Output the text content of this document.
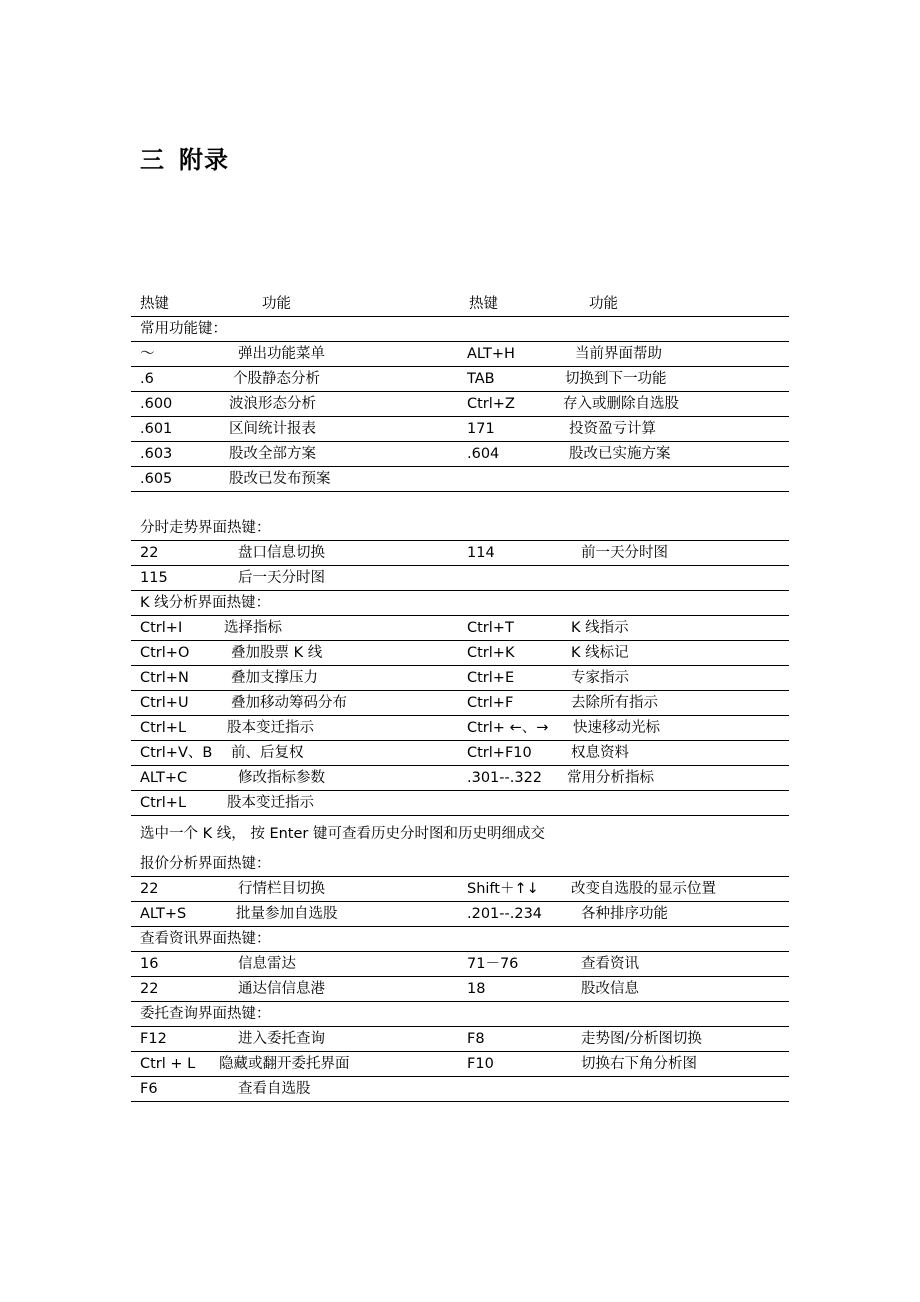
三 附录
热键	功能	热键	功能
常用功能键：
～	弹出功能菜单	ALT+H	当前界面帮助
.6	个股静态分析	TAB	切换到下一功能
.600	波浪形态分析	Ctrl+Z	存入或删除自选股
.601	区间统计报表	171	投资盈亏计算
.603	股改全部方案	.604	股改已实施方案
.605	股改已发布预案
分时走势界面热键：
22	盘口信息切换	114	前一天分时图
115	后一天分时图
K 线分析界面热键：
Ctrl+I	选择指标	Ctrl+T	K 线指示
Ctrl+O	叠加股票 K 线	Ctrl+K	K 线标记
Ctrl+N	叠加支撑压力	Ctrl+E	专家指示
Ctrl+U	叠加移动筹码分布	Ctrl+F	去除所有指示
Ctrl+L	股本变迁指示	Ctrl+ ←、→ 快速移动光标
Ctrl+V、B 前、后复权	Ctrl+F10	权息资料
ALT+C	修改指标参数	.301--.322 常用分析指标
Ctrl+L	股本变迁指示
选中一个 K 线， 按 Enter 键可查看历史分时图和历史明细成交
报价分析界面热键：
22	行情栏目切换	Shift＋↑↓ 改变自选股的显示位置
ALT+S	批量参加自选股	.201--.234	各种排序功能
查看资讯界面热键：
16	信息雷达	71－76	查看资讯
22	通达信信息港	18	股改信息
委托查询界面热键：
F12	进入委托查询	F8	走势图/分析图切换
Ctrl + L 隐藏或翻开委托界面	F10	切换右下角分析图
F6	查看自选股
